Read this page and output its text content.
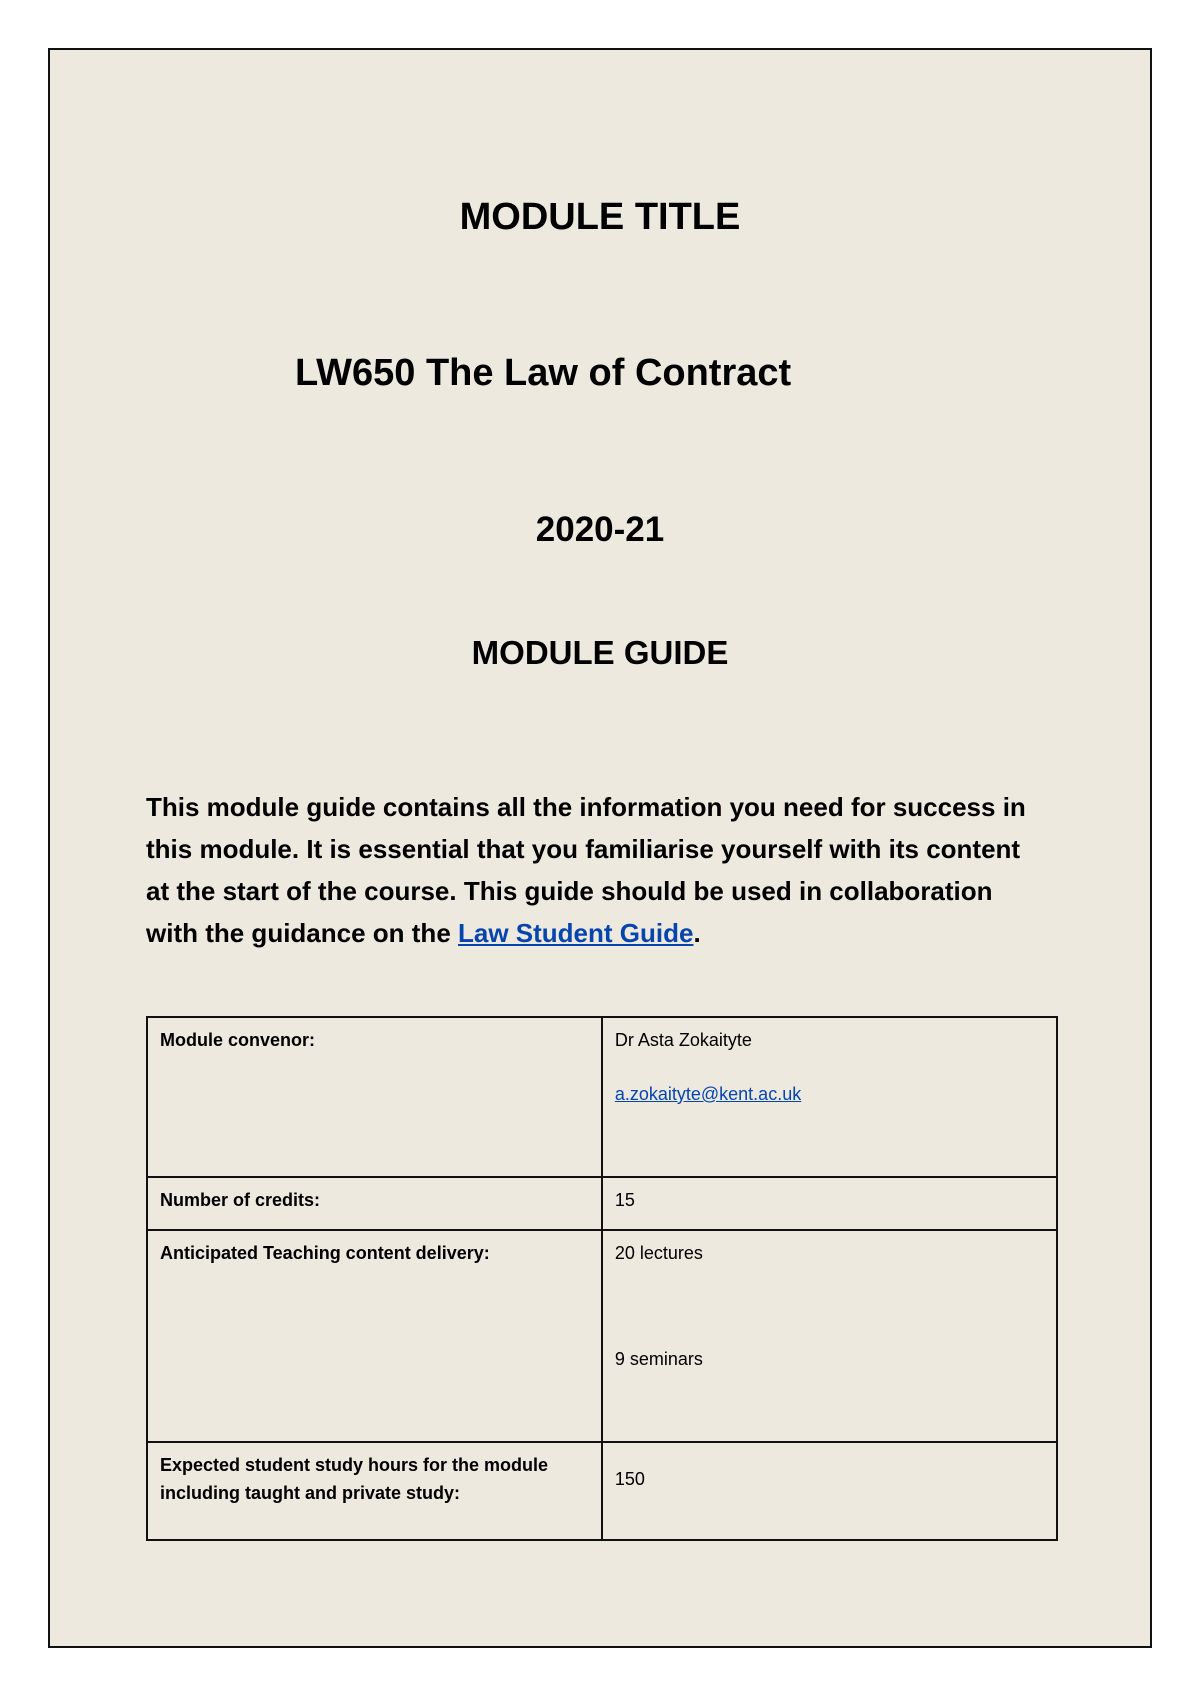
MODULE TITLE
LW650 The Law of Contract
2020-21
MODULE GUIDE

This module guide contains all the information you need for success in this module. It is essential that you familiarise yourself with its content at the start of the course. This guide should be used in collaboration with the guidance on the Law Student Guide.

Module convenor:	Dr Asta Zokaityte
a.zokaityte@kent.ac.uk

Number of credits:	15
Anticipated Teaching content delivery:	20 lectures
9 seminars

Expected student study hours for the module including taught and private study:	150
